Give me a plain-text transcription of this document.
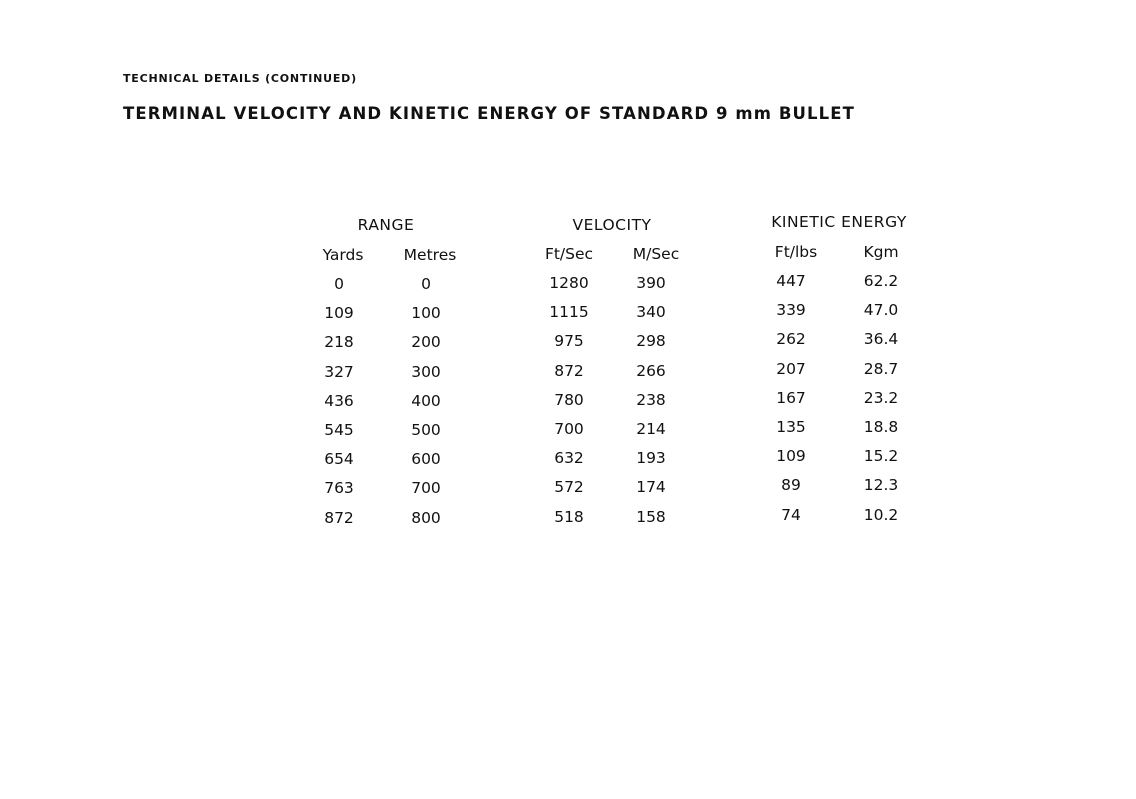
TECHNICAL DETAILS (CONTINUED)
TERMINAL VELOCITY AND KINETIC ENERGY OF STANDARD 9 mm BULLET
RANGE	VELOCITY	KINETIC ENERGY
Yards	Metres	Ft/Sec	M/Sec	Ft/lbs	Kgm
0	0	1280	390	447	62.2
109	100	1115	340	339	47.0
218	200	975	298	262	36.4
327	300	872	266	207	28.7
436	400	780	238	167	23.2
545	500	700	214	135	18.8
654	600	632	193	109	15.2
763	700	572	174	89	12.3
872	800	518	158	74	10.2
